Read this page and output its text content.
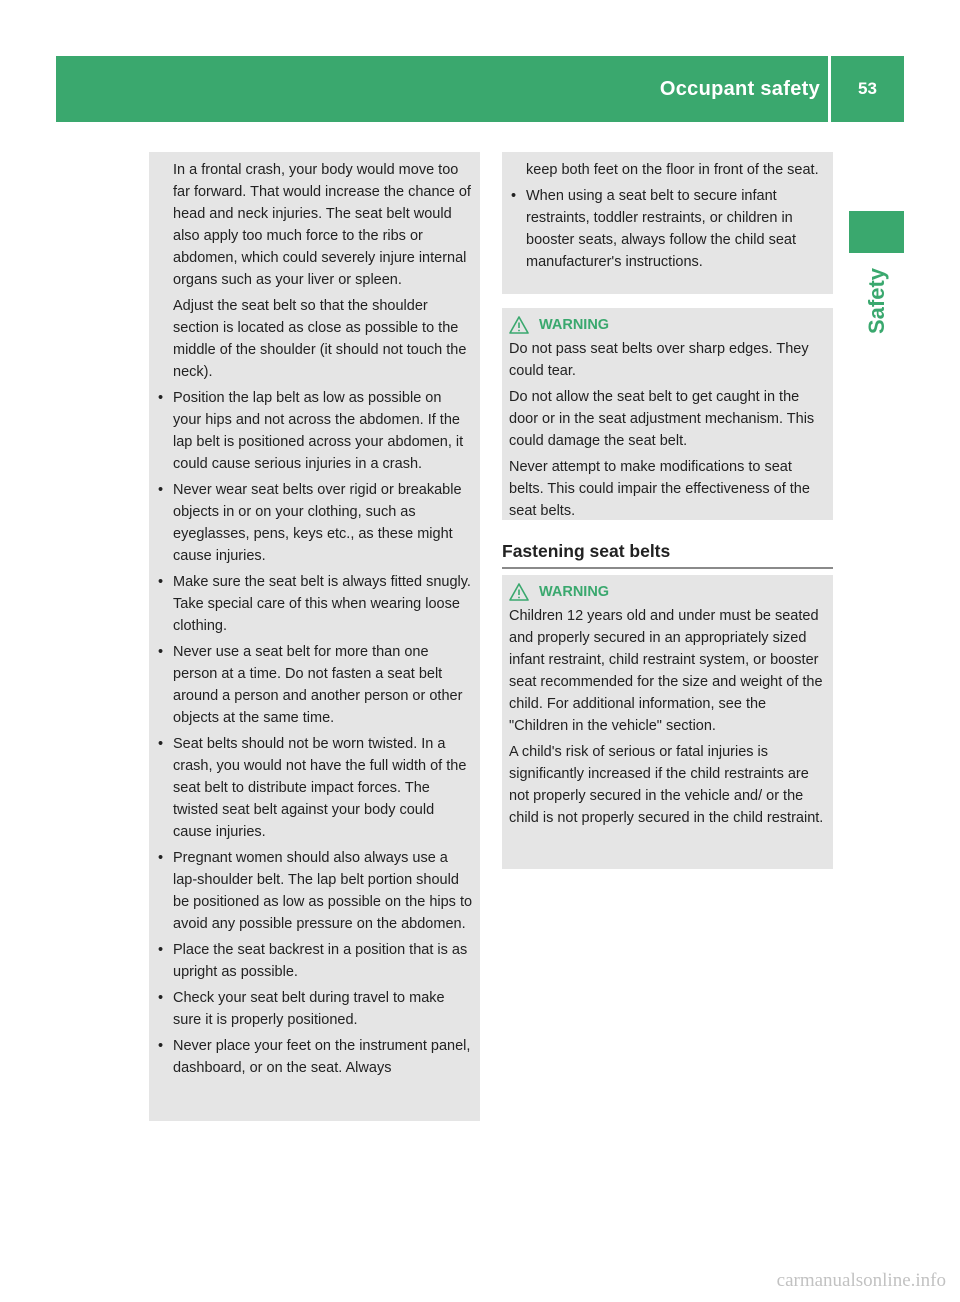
Occupant safety	53
Safety

In a frontal crash, your body would move too far forward. That would increase the chance of head and neck injuries. The seat belt would also apply too much force to the ribs or abdomen, which could severely injure internal organs such as your liver or spleen.

Adjust the seat belt so that the shoulder section is located as close as possible to the middle of the shoulder (it should not touch the neck).

• Position the lap belt as low as possible on your hips and not across the abdomen. If the lap belt is positioned across your abdomen, it could cause serious injuries in a crash.

• Never wear seat belts over rigid or breakable objects in or on your clothing, such as eyeglasses, pens, keys etc., as these might cause injuries.

• Make sure the seat belt is always fitted snugly. Take special care of this when wearing loose clothing.

• Never use a seat belt for more than one person at a time. Do not fasten a seat belt around a person and another person or other objects at the same time.

• Seat belts should not be worn twisted. In a crash, you would not have the full width of the seat belt to distribute impact forces. The twisted seat belt against your body could cause injuries.

• Pregnant women should also always use a lap-shoulder belt. The lap belt portion should be positioned as low as possible on the hips to avoid any possible pressure on the abdomen.

• Place the seat backrest in a position that is as upright as possible.

• Check your seat belt during travel to make sure it is properly positioned.

• Never place your feet on the instrument panel, dashboard, or on the seat. Always

keep both feet on the floor in front of the seat.

• When using a seat belt to secure infant restraints, toddler restraints, or children in booster seats, always follow the child seat manufacturer's instructions.

WARNING

Do not pass seat belts over sharp edges. They could tear.

Do not allow the seat belt to get caught in the door or in the seat adjustment mechanism. This could damage the seat belt.

Never attempt to make modifications to seat belts. This could impair the effectiveness of the seat belts.

Fastening seat belts
WARNING

Children 12 years old and under must be seated and properly secured in an appropriately sized infant restraint, child restraint system, or booster seat recommended for the size and weight of the child. For additional information, see the "Children in the vehicle" section.

A child's risk of serious or fatal injuries is significantly increased if the child restraints are not properly secured in the vehicle and/ or the child is not properly secured in the child restraint.

carmanualsonline.info
